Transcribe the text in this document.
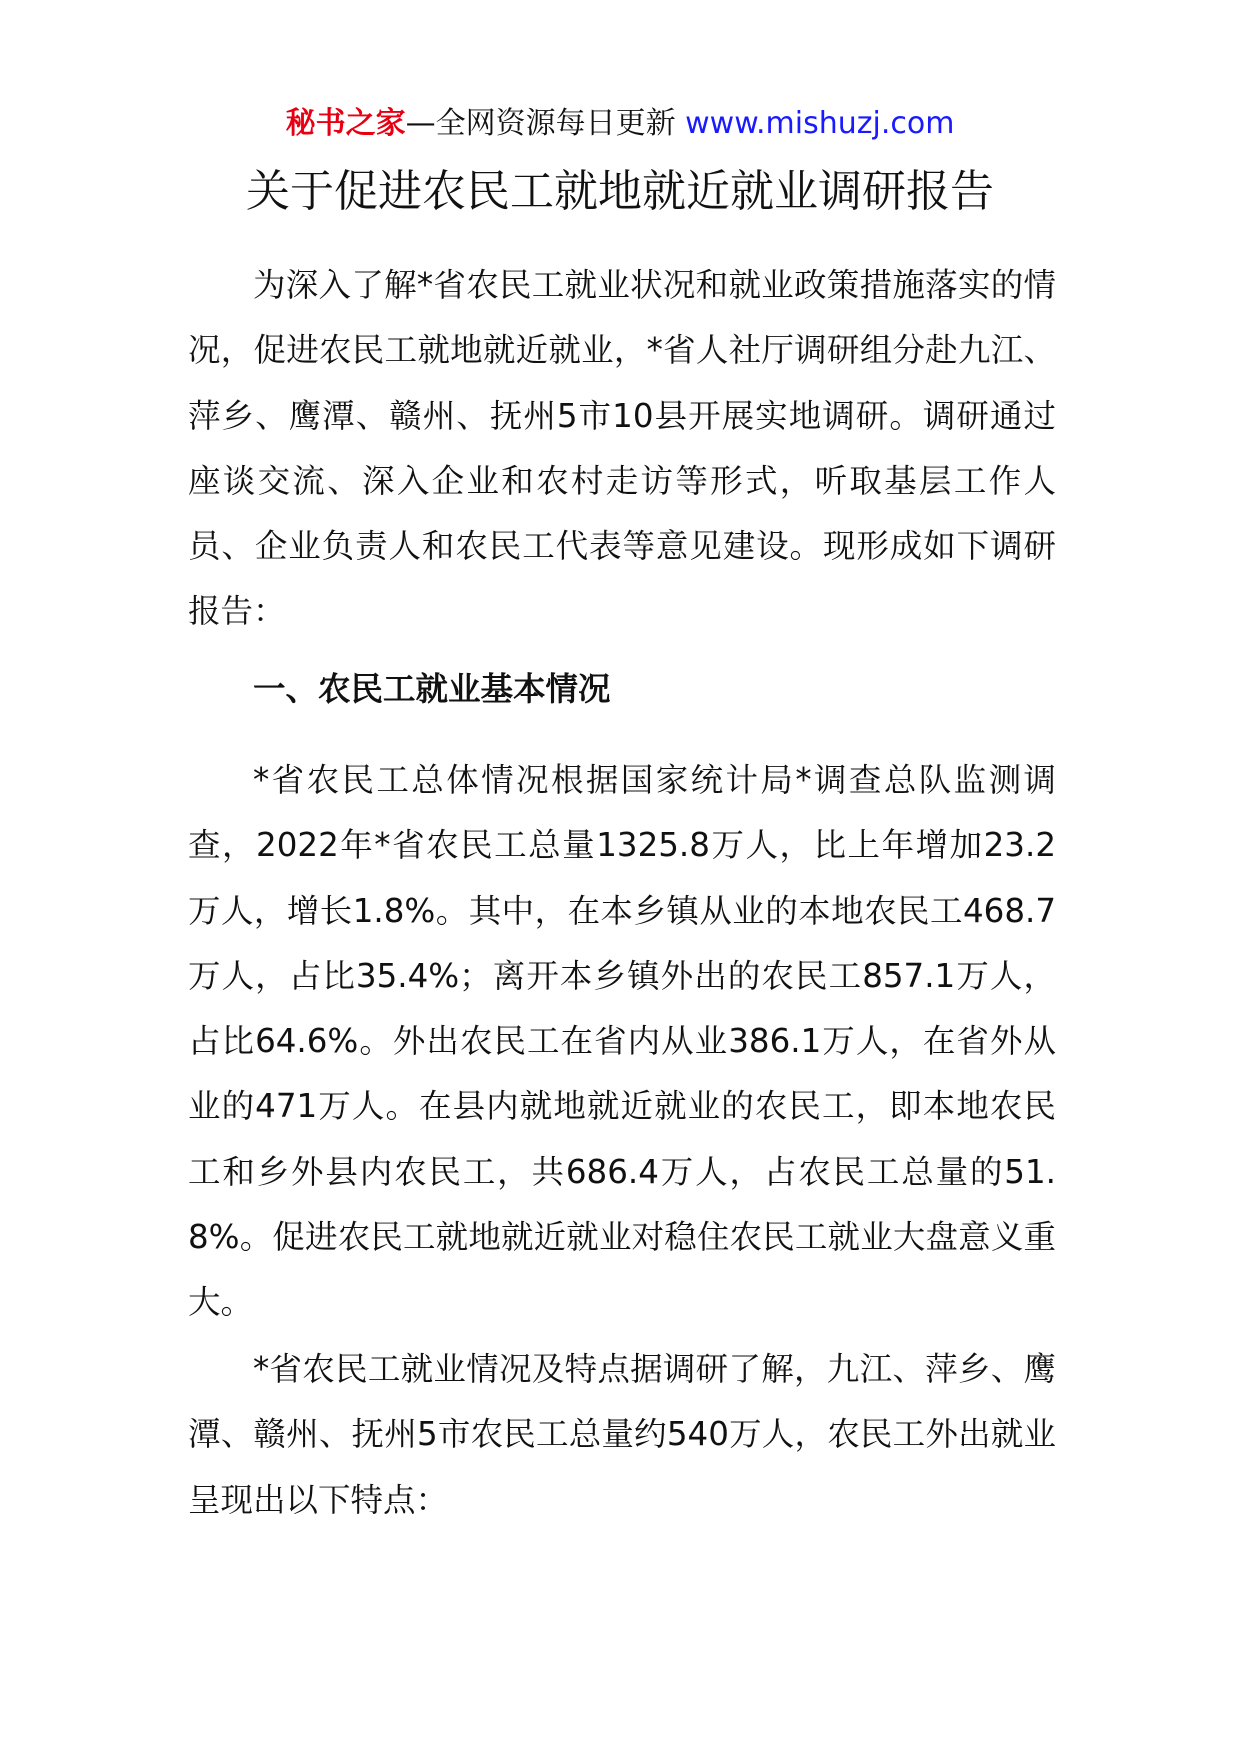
秘书之家—全网资源每日更新 www.mishuzj.com
关于促进农民工就地就近就业调研报告

为深入了解*省农民工就业状况和就业政策措施落实的情况，促进农民工就地就近就业，*省人社厅调研组分赴九江、萍乡、鹰潭、赣州、抚州5市10县开展实地调研。调研通过座谈交流、深入企业和农村走访等形式，听取基层工作人员、企业负责人和农民工代表等意见建设。现形成如下调研报告：

一、农民工就业基本情况

*省农民工总体情况根据国家统计局*调查总队监测调查，2022年*省农民工总量1325.8万人，比上年增加23.2万人，增长1.8%。其中，在本乡镇从业的本地农民工468.7万人，占比35.4%；离开本乡镇外出的农民工857.1万人，占比64.6%。外出农民工在省内从业386.1万人，在省外从业的471万人。在县内就地就近就业的农民工，即本地农民工和乡外县内农民工，共686.4万人，占农民工总量的51.8%。促进农民工就地就近就业对稳住农民工就业大盘意义重大。

*省农民工就业情况及特点据调研了解，九江、萍乡、鹰潭、赣州、抚州5市农民工总量约540万人，农民工外出就业呈现出以下特点：
